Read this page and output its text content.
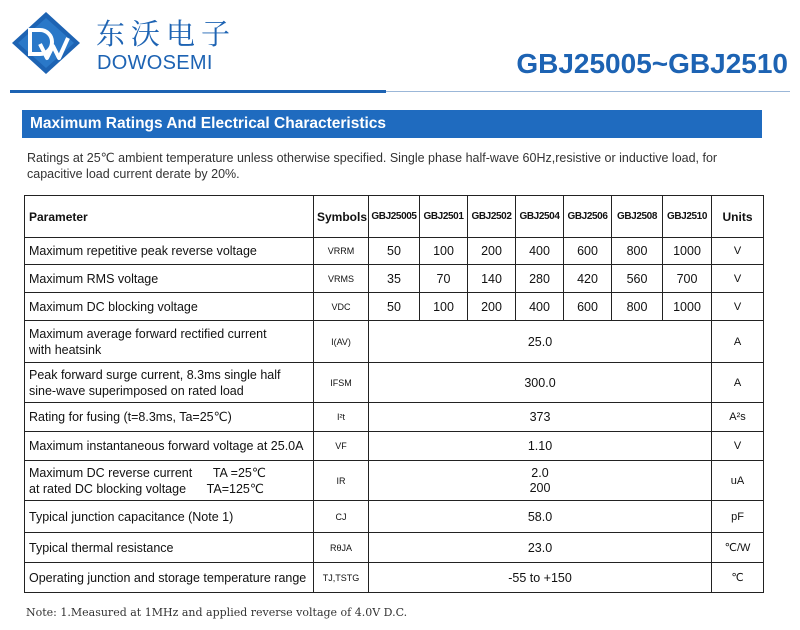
东沃电子
DOWOSEMI	GBJ25005~GBJ2510
Maximum Ratings And Electrical Characteristics
Ratings at 25℃ ambient temperature unless otherwise specified. Single phase half-wave 60Hz,resistive or inductive load, for
capacitive load current derate by 20%.
Parameter	Symbols	GBJ25005	GBJ2501	GBJ2502	GBJ2504	GBJ2506	GBJ2508	GBJ2510	Units
Maximum repetitive peak reverse voltage	VRRM	50	100	200	400	600	800	1000	V
Maximum RMS voltage	VRMS	35	70	140	280	420	560	700	V
Maximum DC blocking voltage	VDC	50	100	200	400	600	800	1000	V

Maximum average forward rectified current
with heatsink	I(AV)	25.0							A

Peak forward surge current, 8.3ms single half
sine-wave superimposed on rated load	IFSM	300.0							A
Rating for fusing (t=8.3ms, Ta=25℃)	I²t	373							A²s
Maximum instantaneous forward voltage at 25.0A	VF	1.10							V

Maximum DC reverse current      TA =25℃
at rated DC blocking voltage      TA=125℃	IR	2.0
200							uA
Typical junction capacitance (Note 1)	CJ	58.0							pF
Typical thermal resistance	RθJA	23.0							℃/W
Operating junction and storage temperature range	TJ,TSTG	-55 to +150							℃
Note: 1.Measured at 1MHz and applied reverse voltage of 4.0V D.C.
